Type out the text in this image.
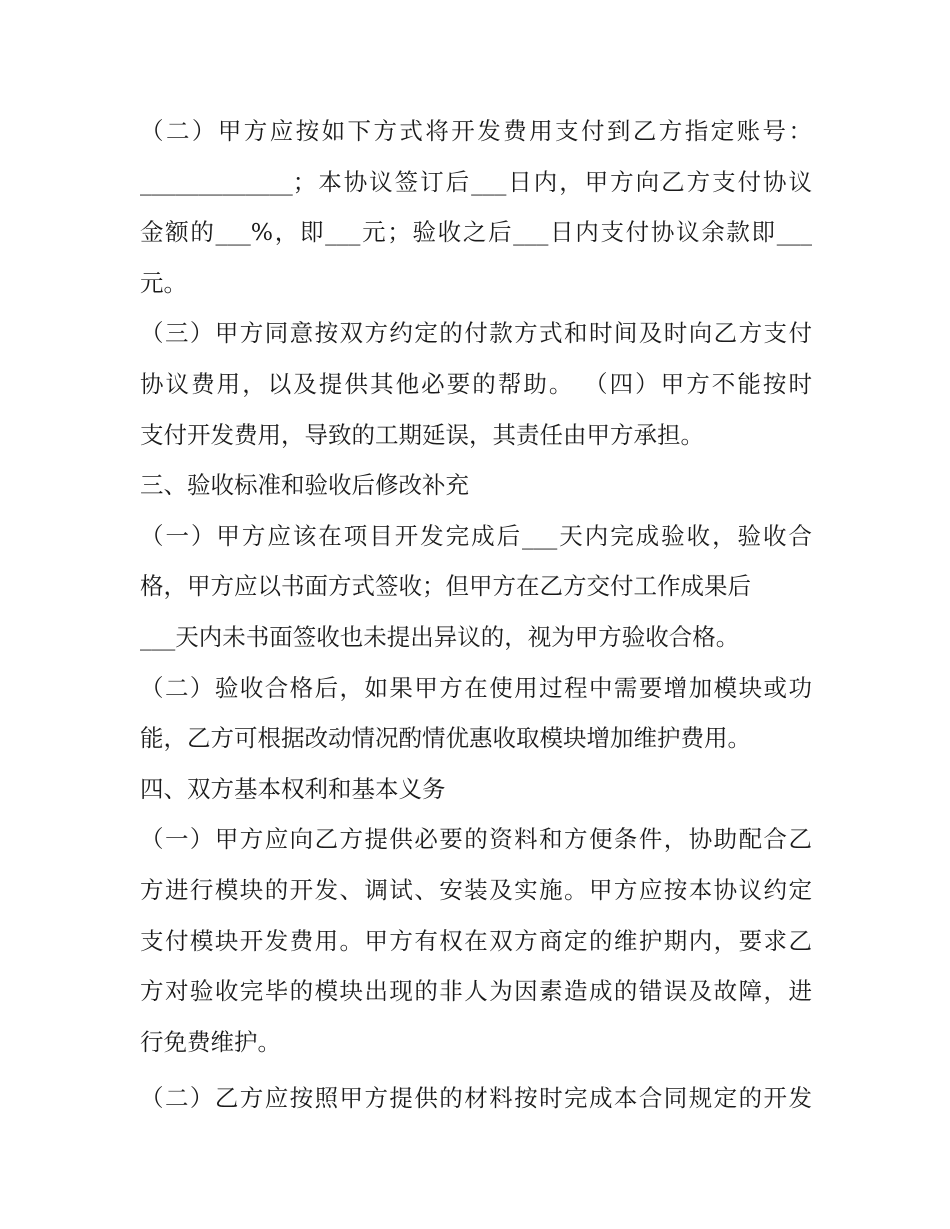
（二）甲方应按如下方式将开发费用支付到乙方指定账号：
_____________；本协议签订后___日内，甲方向乙方支付协议
金额的___%，即___元；验收之后___日内支付协议余款即___
元。
（三）甲方同意按双方约定的付款方式和时间及时向乙方支付
协议费用，以及提供其他必要的帮助。 （四）甲方不能按时
支付开发费用，导致的工期延误，其责任由甲方承担。
三、验收标准和验收后修改补充
（一）甲方应该在项目开发完成后___天内完成验收，验收合
格，甲方应以书面方式签收；但甲方在乙方交付工作成果后
___天内未书面签收也未提出异议的，视为甲方验收合格。
（二）验收合格后，如果甲方在使用过程中需要增加模块或功
能，乙方可根据改动情况酌情优惠收取模块增加维护费用。
四、双方基本权利和基本义务
（一）甲方应向乙方提供必要的资料和方便条件，协助配合乙
方进行模块的开发、调试、安装及实施。甲方应按本协议约定
支付模块开发费用。甲方有权在双方商定的维护期内，要求乙
方对验收完毕的模块出现的非人为因素造成的错误及故障，进
行免费维护。
（二）乙方应按照甲方提供的材料按时完成本合同规定的开发
